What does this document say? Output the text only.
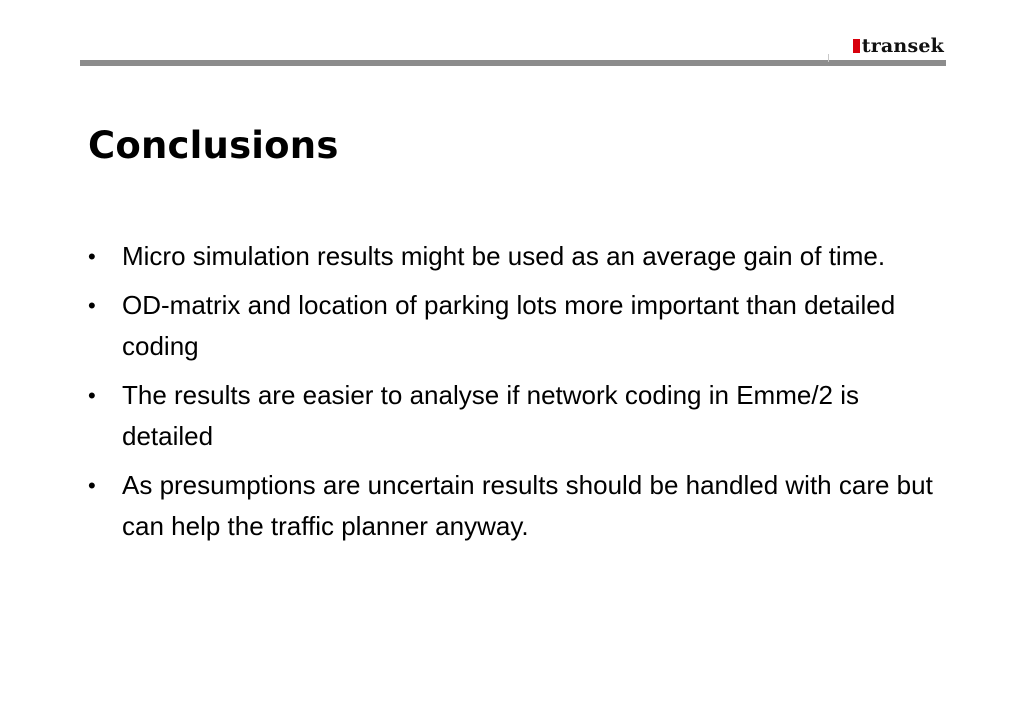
transek
Conclusions
•	Micro simulation results might be used as an average gain of time.
•	OD-matrix and location of parking lots more important than detailed coding
•	The results are easier to analyse if network coding in Emme/2 is detailed
•	As presumptions are uncertain results should be handled with care but can help the traffic planner anyway.
